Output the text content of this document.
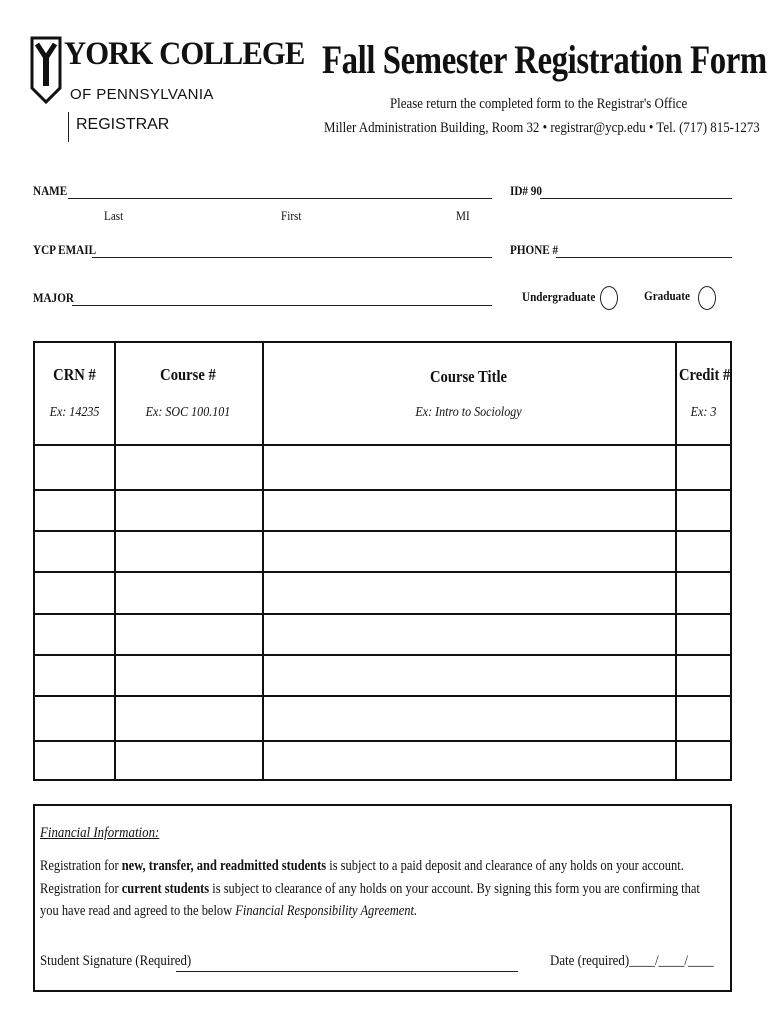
YORK COLLEGE
OF PENNSYLVANIA
REGISTRAR
Fall Semester Registration Form
Please return the completed form to the Registrar's Office
Miller Administration Building, Room 32 • registrar@ycp.edu • Tel. (717) 815-1273
NAME
Last	First	MI
ID# 90
YCP EMAIL	PHONE #
MAJOR	Undergraduate	Graduate
CRN #	Course #	Course Title	Credit #
Ex: 14235	Ex: SOC 100.101	Ex: Intro to Sociology	Ex: 3
Financial Information:
Registration for new, transfer, and readmitted students is subject to a paid deposit and clearance of any holds on your account. Registration for current students is subject to clearance of any holds on your account. By signing this form you are confirming that you have read and agreed to the below Financial Responsibility Agreement.
Student Signature (Required)	Date (required)____/____/____
